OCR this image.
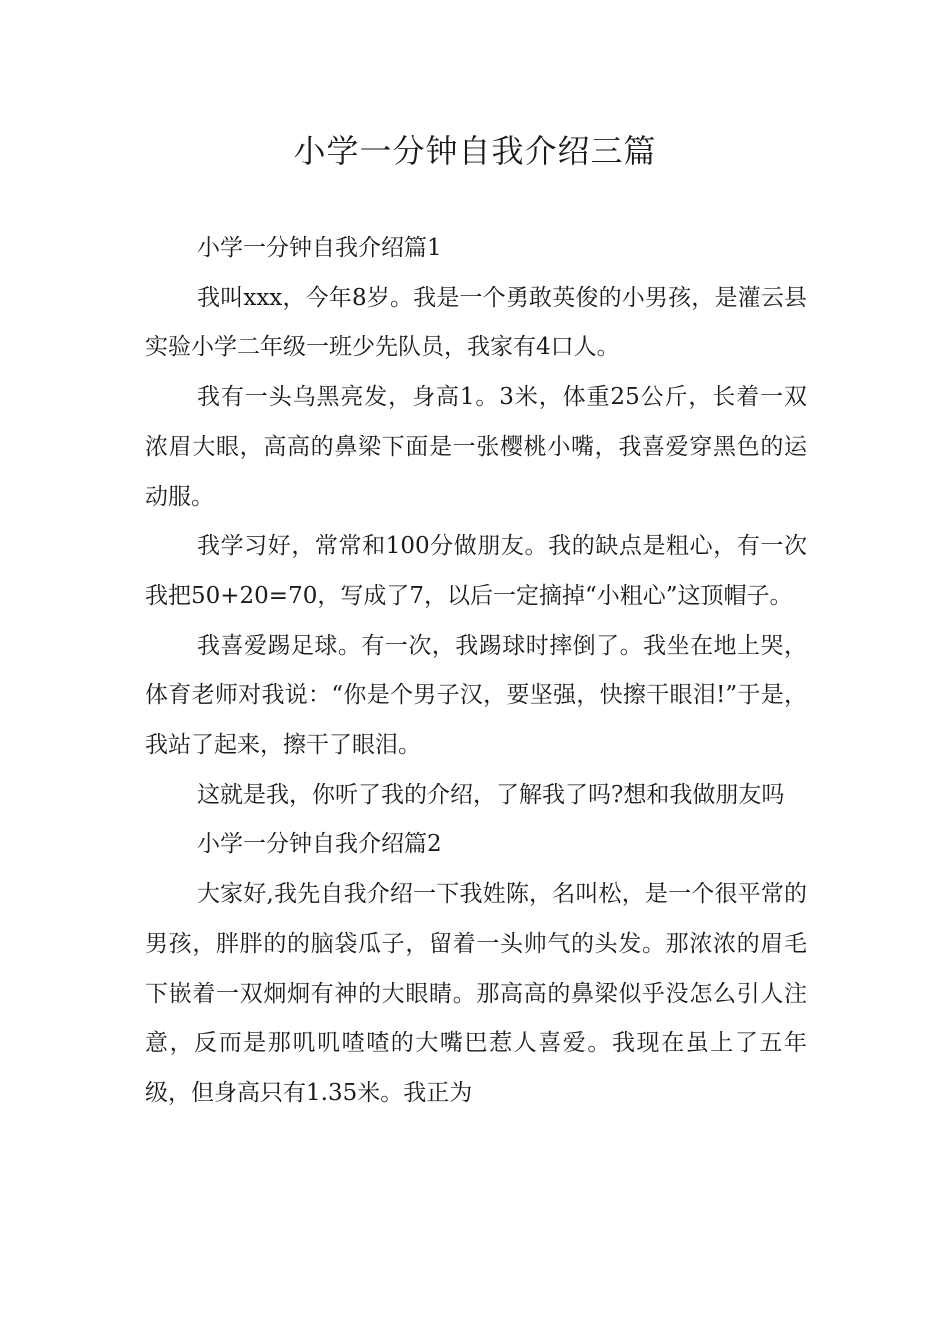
小学一分钟自我介绍三篇

小学一分钟自我介绍篇1

我叫xxx，今年8岁。我是一个勇敢英俊的小男孩，是灌云县实验小学二年级一班少先队员，我家有4口人。

我有一头乌黑亮发，身高1。3米，体重25公斤，长着一双浓眉大眼，高高的鼻梁下面是一张樱桃小嘴，我喜爱穿黑色的运动服。

我学习好，常常和100分做朋友。我的缺点是粗心，有一次我把50+20=70，写成了7，以后一定摘掉“小粗心”这顶帽子。

我喜爱踢足球。有一次，我踢球时摔倒了。我坐在地上哭，体育老师对我说：“你是个男子汉，要坚强，快擦干眼泪!”于是，我站了起来，擦干了眼泪。

这就是我，你听了我的介绍，了解我了吗?想和我做朋友吗

小学一分钟自我介绍篇2

大家好,我先自我介绍一下我姓陈，名叫松，是一个很平常的男孩，胖胖的的脑袋瓜子，留着一头帅气的头发。那浓浓的眉毛下嵌着一双炯炯有神的大眼睛。那高高的鼻梁似乎没怎么引人注意，反而是那叽叽喳喳的大嘴巴惹人喜爱。我现在虽上了五年级，但身高只有1.35米。我正为
